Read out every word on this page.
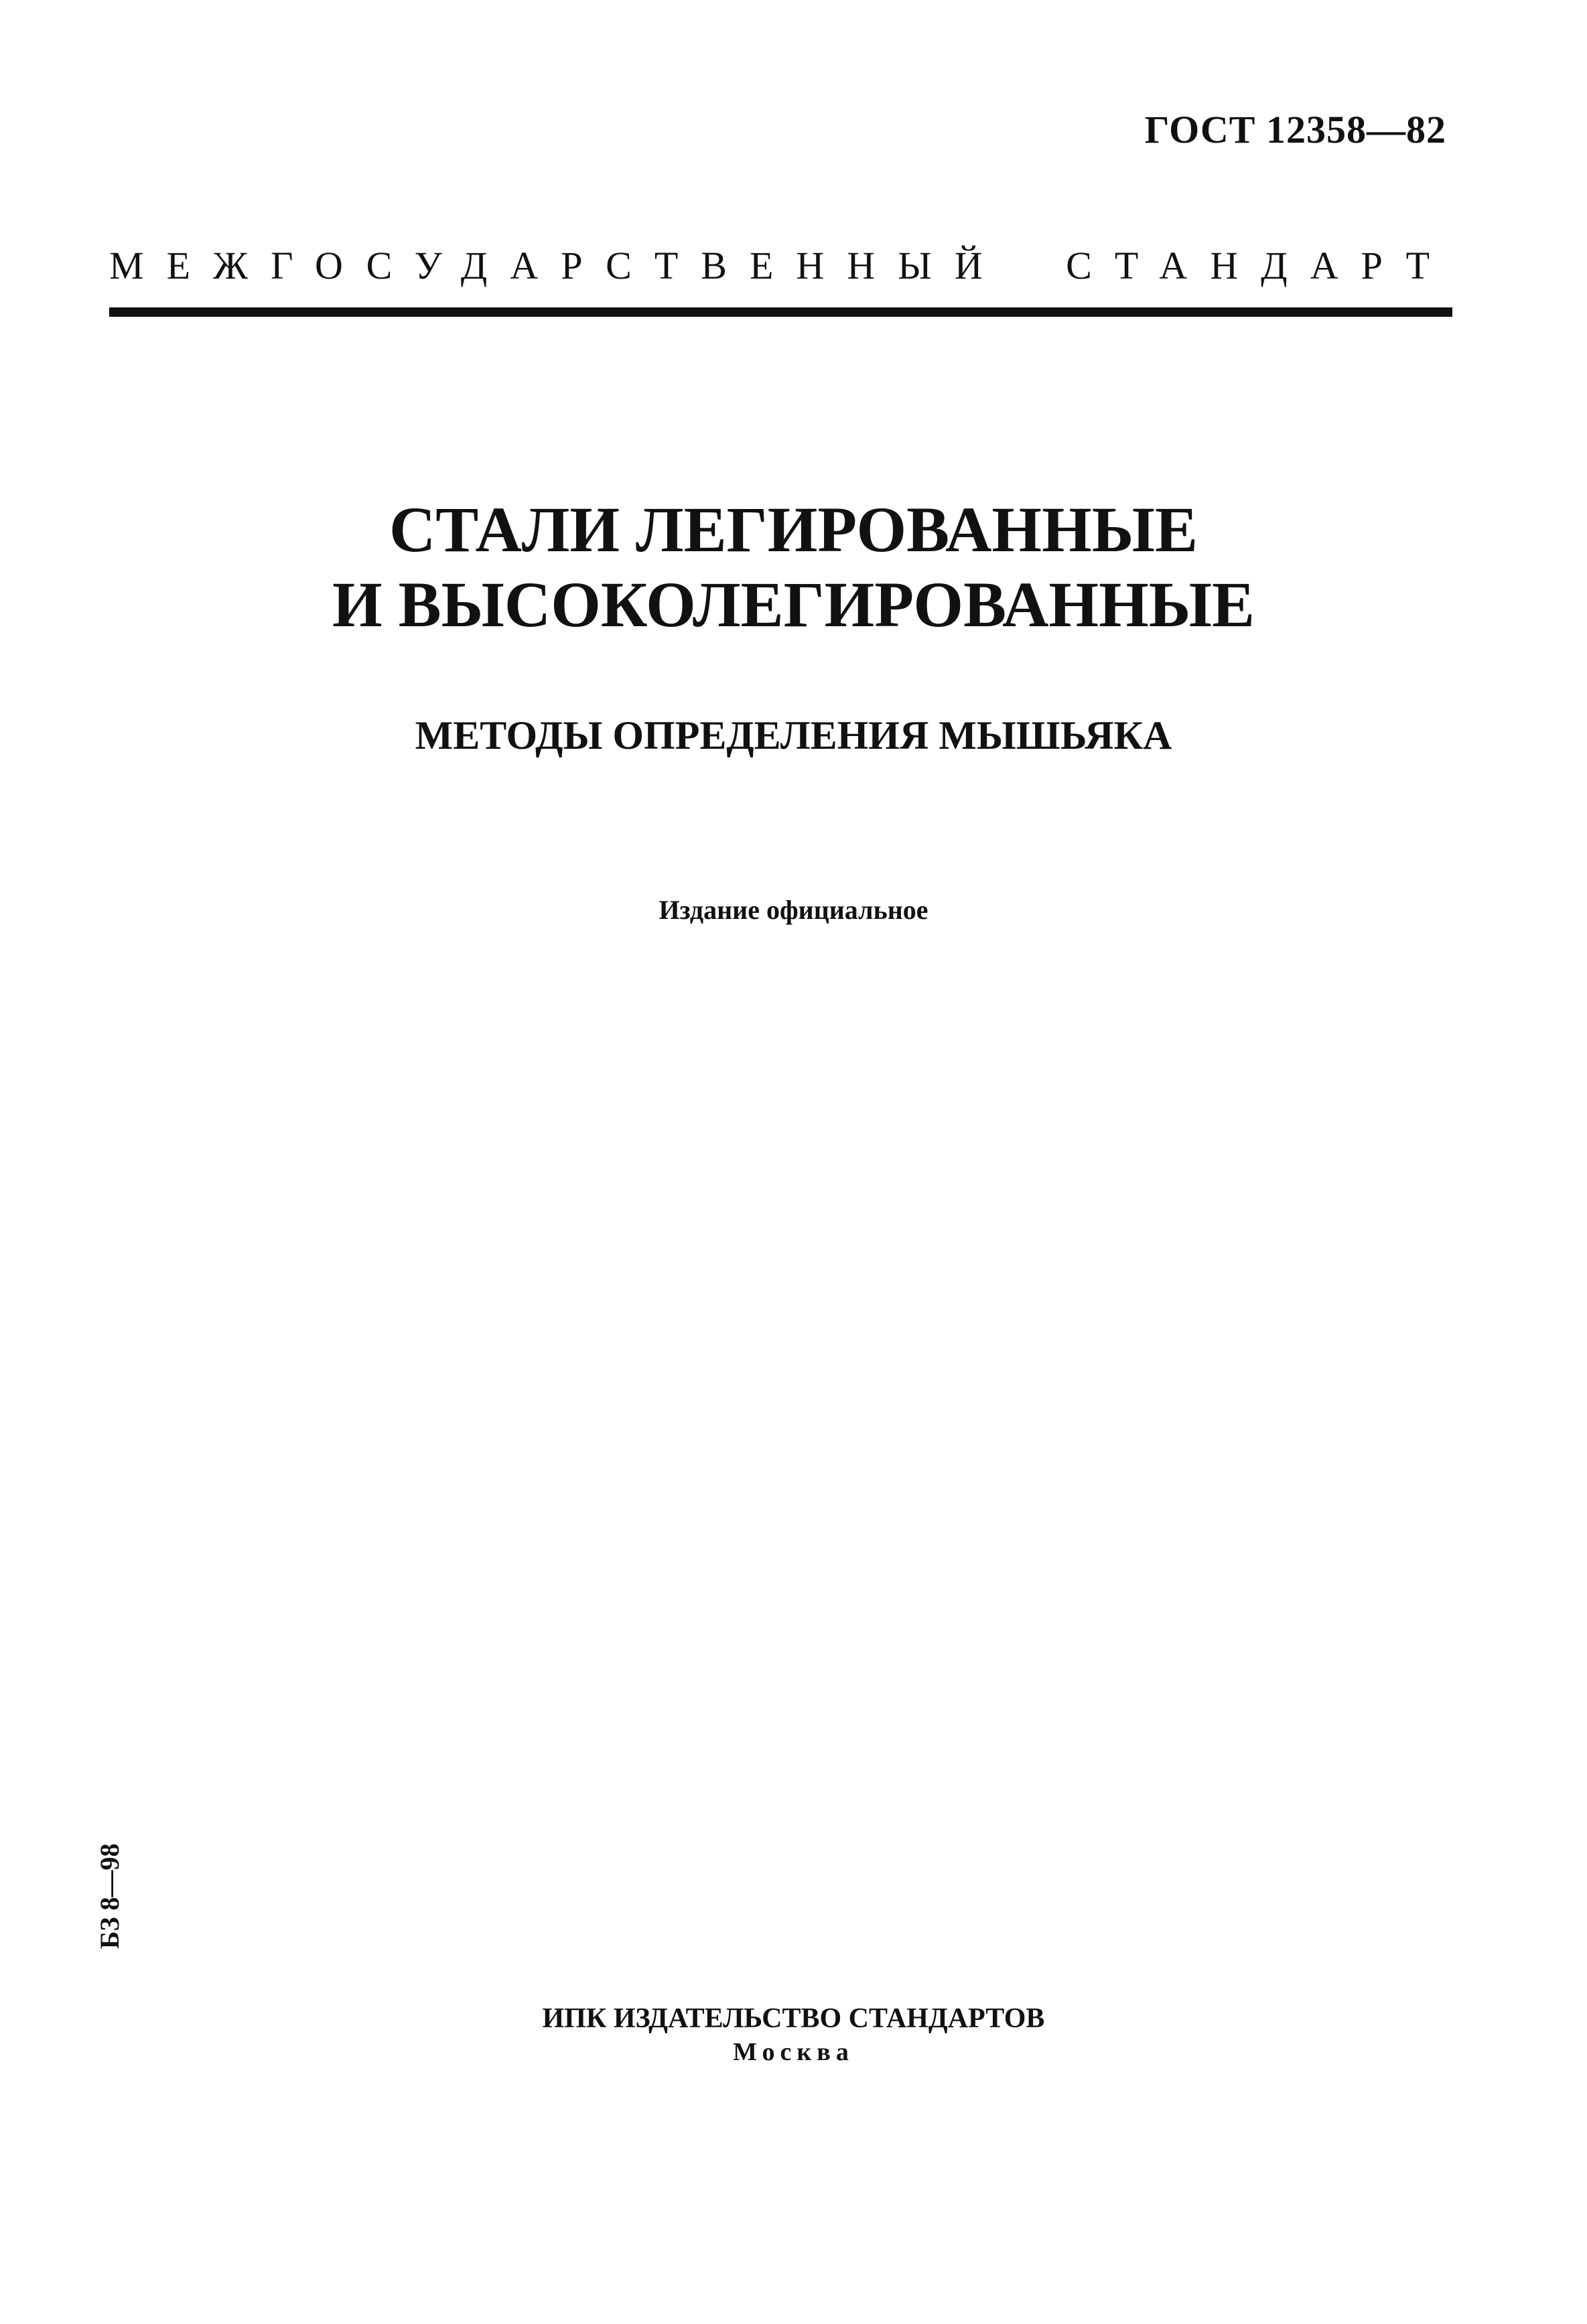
ГОСТ 12358—82
МЕЖГОСУДАРСТВЕННЫЙ СТАНДАРТ
СТАЛИ ЛЕГИРОВАННЫЕ
И ВЫСОКОЛЕГИРОВАННЫЕ
МЕТОДЫ ОПРЕДЕЛЕНИЯ МЫШЬЯКА
Издание официальное
БЗ 8—98
ИПК ИЗДАТЕЛЬСТВО СТАНДАРТОВ
Москва
